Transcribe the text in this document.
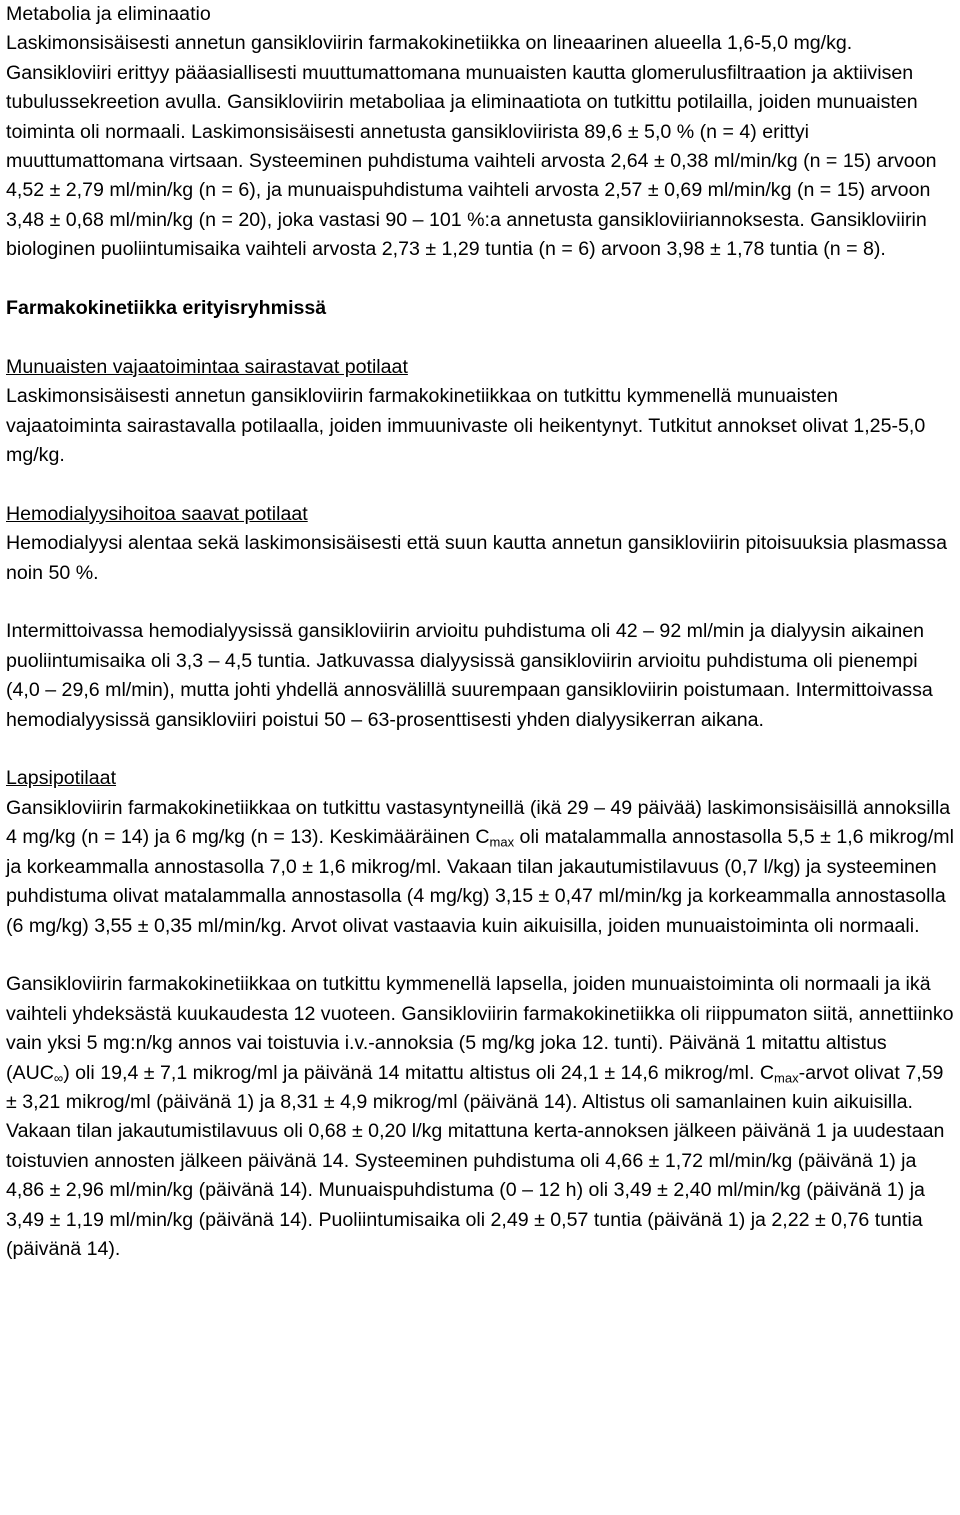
Metabolia ja eliminaatio

Laskimonsisäisesti annetun gansikloviirin farmakokinetiikka on lineaarinen alueella 1,6-5,0 mg/kg. Gansikloviiri erittyy pääasiallisesti muuttumattomana munuaisten kautta glomerulusfiltraation ja aktiivisen tubulussekreetion avulla. Gansikloviirin metaboliaa ja eliminaatiota on tutkittu potilailla, joiden munuaisten toiminta oli normaali. Laskimonsisäisesti annetusta gansikloviirista 89,6 ± 5,0 % (n = 4) erittyi muuttumattomana virtsaan. Systeeminen puhdistuma vaihteli arvosta 2,64 ± 0,38 ml/min/kg (n = 15) arvoon 4,52 ± 2,79 ml/min/kg (n = 6), ja munuaispuhdistuma vaihteli arvosta 2,57 ± 0,69 ml/min/kg (n = 15) arvoon 3,48 ± 0,68 ml/min/kg (n = 20), joka vastasi 90 – 101 %:a annetusta gansikloviiriannoksesta. Gansikloviirin biologinen puoliintumisaika vaihteli arvosta 2,73 ± 1,29 tuntia (n = 6) arvoon 3,98 ± 1,78 tuntia (n = 8).

Farmakokinetiikka erityisryhmissä

Munuaisten vajaatoimintaa sairastavat potilaat

Laskimonsisäisesti annetun gansikloviirin farmakokinetiikkaa on tutkittu kymmenellä munuaisten vajaatoiminta sairastavalla potilaalla, joiden immuunivaste oli heikentynyt. Tutkitut annokset olivat 1,25-5,0 mg/kg.

Hemodialyysihoitoa saavat potilaat

Hemodialyysi alentaa sekä laskimonsisäisesti että suun kautta annetun gansikloviirin pitoisuuksia plasmassa noin 50 %.

Intermittoivassa hemodialyysissä gansikloviirin arvioitu puhdistuma oli 42 – 92 ml/min ja dialyysin aikainen puoliintumisaika oli 3,3 – 4,5 tuntia. Jatkuvassa dialyysissä gansikloviirin arvioitu puhdistuma oli pienempi (4,0 – 29,6 ml/min), mutta johti yhdellä annosvälillä suurempaan gansikloviirin poistumaan. Intermittoivassa hemodialyysissä gansikloviiri poistui 50 – 63-prosenttisesti yhden dialyysikerran aikana.

Lapsipotilaat

Gansikloviirin farmakokinetiikkaa on tutkittu vastasyntyneillä (ikä 29 – 49 päivää) laskimonsisäisillä annoksilla 4 mg/kg (n = 14) ja 6 mg/kg (n = 13). Keskimääräinen $C_{max}$ oli matalammalla annostasolla 5,5 ± 1,6 mikrog/ml ja korkeammalla annostasolla 7,0 ± 1,6 mikrog/ml. Vakaan tilan jakautumistilavuus (0,7 l/kg) ja systeeminen puhdistuma olivat matalammalla annostasolla (4 mg/kg) 3,15 ± 0,47 ml/min/kg ja korkeammalla annostasolla (6 mg/kg) 3,55 ± 0,35 ml/min/kg. Arvot olivat vastaavia kuin aikuisilla, joiden munuaistoiminta oli normaali.

Gansikloviirin farmakokinetiikkaa on tutkittu kymmenellä lapsella, joiden munuaistoiminta oli normaali ja ikä vaihteli yhdeksästä kuukaudesta 12 vuoteen. Gansikloviirin farmakokinetiikka oli riippumaton siitä, annettiinko vain yksi 5 mg:n/kg annos vai toistuvia i.v.-annoksia (5 mg/kg joka 12. tunti). Päivänä 1 mitattu altistus $(AUC_\infty)$ oli 19,4 ± 7,1 mikrog/ml ja päivänä 14 mitattu altistus oli 24,1 ± 14,6 mikrog/ml. $C_{max}$-arvot olivat 7,59 ± 3,21 mikrog/ml (päivänä 1) ja 8,31 ± 4,9 mikrog/ml (päivänä 14). Altistus oli samanlainen kuin aikuisilla. Vakaan tilan jakautumistilavuus oli 0,68 ± 0,20 l/kg mitattuna kerta-annoksen jälkeen päivänä 1 ja uudestaan toistuvien annosten jälkeen päivänä 14. Systeeminen puhdistuma oli 4,66 ± 1,72 ml/min/kg (päivänä 1) ja 4,86 ± 2,96 ml/min/kg (päivänä 14). Munuaispuhdistuma (0 – 12 h) oli 3,49 ± 2,40 ml/min/kg (päivänä 1) ja 3,49 ± 1,19 ml/min/kg (päivänä 14). Puoliintumisaika oli 2,49 ± 0,57 tuntia (päivänä 1) ja 2,22 ± 0,76 tuntia (päivänä 14).
